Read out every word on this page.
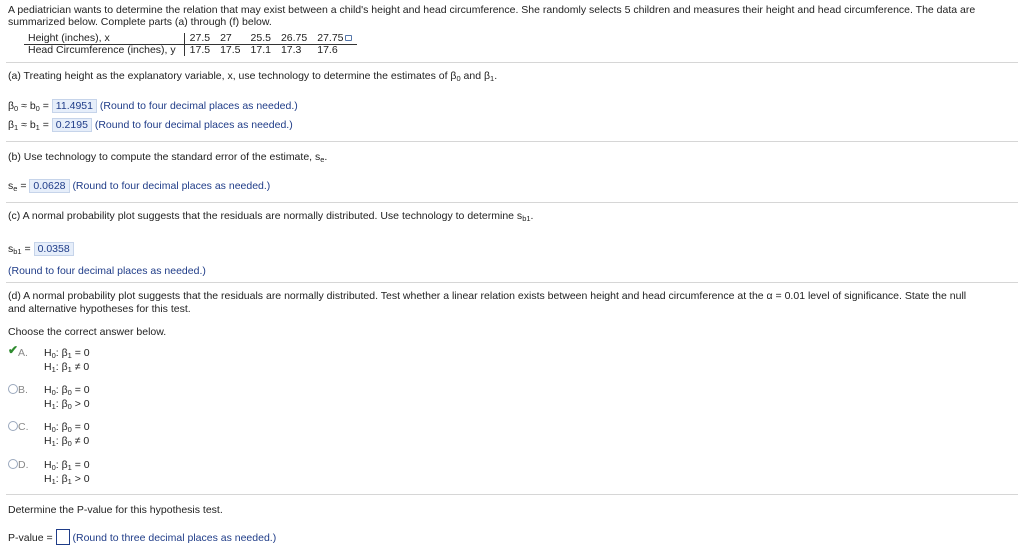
A pediatrician wants to determine the relation that may exist between a child's height and head circumference. She randomly selects 5 children and measures their height and head circumference. The data are
summarized below. Complete parts (a) through (f) below.
Height (inches), x	27.5	27	25.5	26.75	27.75
Head Circumference (inches), y	17.5	17.5	17.1	17.3	17.6
(a) Treating height as the explanatory variable, x, use technology to determine the estimates of $\beta_0$ and $\beta_1$.
$\beta_0 \approx b_0 = 11.4951$ (Round to four decimal places as needed.)
$\beta_1 \approx b_1 = 0.2195$ (Round to four decimal places as needed.)
(b) Use technology to compute the standard error of the estimate, $s_e$.
$s_e = 0.0628$ (Round to four decimal places as needed.)
(c) A normal probability plot suggests that the residuals are normally distributed. Use technology to determine $s_{b1}$.
$s_{b1} = 0.0358$
(Round to four decimal places as needed.)
(d) A normal probability plot suggests that the residuals are normally distributed. Test whether a linear relation exists between height and head circumference at the α = 0.01 level of significance. State the null
and alternative hypotheses for this test.
Choose the correct answer below.
✔ A. $H_0$: $\beta_1 = 0$
$H_1$: $\beta_1 \ne 0$
B. $H_0$: $\beta_0 = 0$
$H_1$: $\beta_0 > 0$
C. $H_0$: $\beta_0 = 0$
$H_1$: $\beta_0 \ne 0$
D. $H_0$: $\beta_1 = 0$
$H_1$: $\beta_1 > 0$
Determine the P-value for this hypothesis test.
P-value =  (Round to three decimal places as needed.)
